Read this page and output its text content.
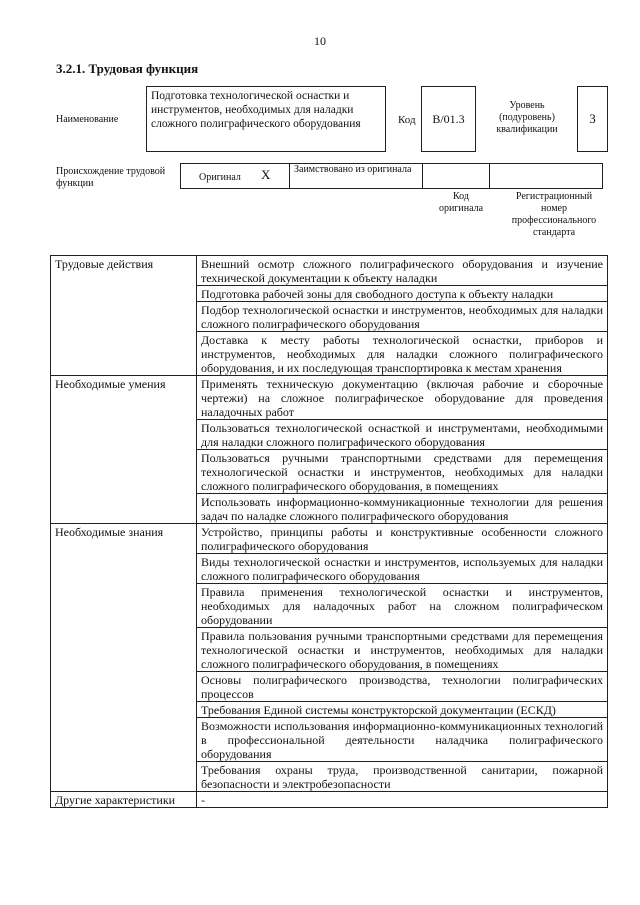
10
3.2.1. Трудовая функция
Наименование
Подготовка технологической оснастки и инструментов, необходимых для наладки сложного полиграфического оборудования	Код В/01.3
Уровень (подуровень) квалификации
3
Происхождение трудовой функции
Оригинал X	Заимствовано из оригинала		
Код оригинала
Регистрационный номер профессионального стандарта
Трудовые действия	Внешний осмотр сложного полиграфического оборудования и изучение технической документации к объекту наладки
	Подготовка рабочей зоны для свободного доступа к объекту наладки
	Подбор технологической оснастки и инструментов, необходимых для наладки сложного полиграфического оборудования
	Доставка к месту работы технологической оснастки, приборов и инструментов, необходимых для наладки сложного полиграфического оборудования, и их последующая транспортировка к местам хранения
Необходимые умения	Применять техническую документацию (включая рабочие и сборочные чертежи) на сложное полиграфическое оборудование для проведения наладочных работ
	Пользоваться технологической оснасткой и инструментами, необходимыми для наладки сложного полиграфического оборудования
	Пользоваться ручными транспортными средствами для перемещения технологической оснастки и инструментов, необходимых для наладки сложного полиграфического оборудования, в помещениях
	Использовать информационно-коммуникационные технологии для решения задач по наладке сложного полиграфического оборудования
Необходимые знания	Устройство, принципы работы и конструктивные особенности сложного полиграфического оборудования
	Виды технологической оснастки и инструментов, используемых для наладки сложного полиграфического оборудования
	Правила применения технологической оснастки и инструментов, необходимых для наладочных работ на сложном полиграфическом оборудовании
	Правила пользования ручными транспортными средствами для перемещения технологической оснастки и инструментов, необходимых для наладки сложного полиграфического оборудования, в помещениях
	Основы полиграфического производства, технологии полиграфических процессов
	Требования Единой системы конструкторской документации (ЕСКД)
	Возможности использования информационно-коммуникационных технологий в профессиональной деятельности наладчика полиграфического оборудования
	Требования охраны труда, производственной санитарии, пожарной безопасности и электробезопасности
Другие характеристики	-
